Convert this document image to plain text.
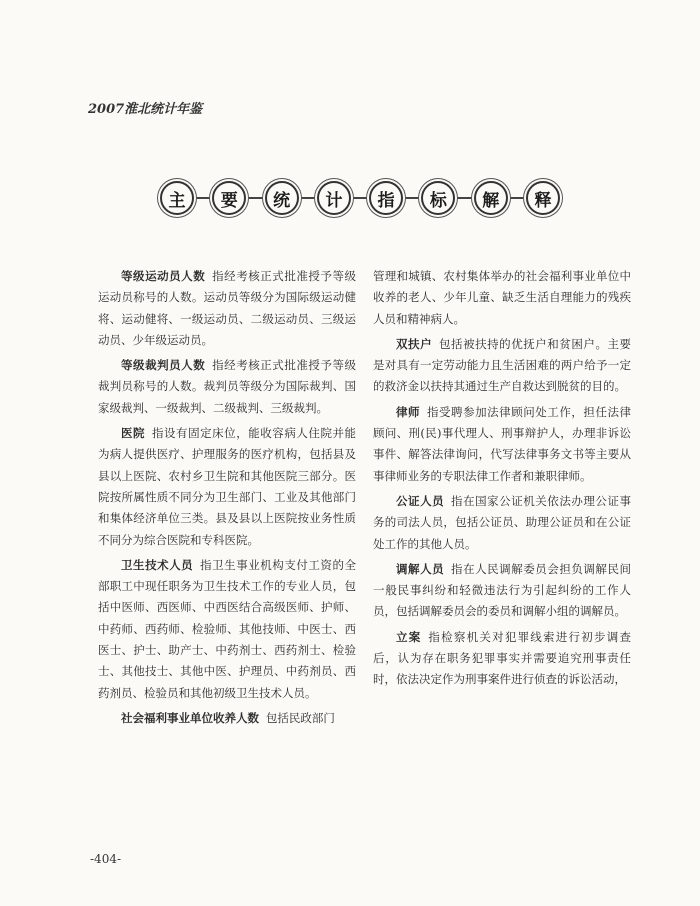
2007淮北统计年鉴
主	要	统	计	指	标	解	释

等级运动员人数 指经考核正式批准授予等级运动员称号的人数。运动员等级分为国际级运动健将、运动健将、一级运动员、二级运动员、三级运动员、少年级运动员。

等级裁判员人数 指经考核正式批准授予等级裁判员称号的人数。裁判员等级分为国际裁判、国家级裁判、一级裁判、二级裁判、三级裁判。

医院 指设有固定床位，能收容病人住院并能为病人提供医疗、护理服务的医疗机构，包括县及县以上医院、农村乡卫生院和其他医院三部分。医院按所属性质不同分为卫生部门、工业及其他部门和集体经济单位三类。县及县以上医院按业务性质不同分为综合医院和专科医院。

卫生技术人员 指卫生事业机构支付工资的全部职工中现任职务为卫生技术工作的专业人员，包括中医师、西医师、中西医结合高级医师、护师、中药师、西药师、检验师、其他技师、中医士、西医士、护士、助产士、中药剂士、西药剂士、检验士、其他技士、其他中医、护理员、中药剂员、西药剂员、检验员和其他初级卫生技术人员。

社会福利事业单位收养人数 包括民政部门

管理和城镇、农村集体举办的社会福利事业单位中收养的老人、少年儿童、缺乏生活自理能力的残疾人员和精神病人。

双扶户 包括被扶持的优抚户和贫困户。主要是对具有一定劳动能力且生活困难的两户给予一定的救济金以扶持其通过生产自救达到脱贫的目的。

律师 指受聘参加法律顾问处工作，担任法律顾问、刑(民)事代理人、刑事辩护人，办理非诉讼事件、解答法律询问，代写法律事务文书等主要从事律师业务的专职法律工作者和兼职律师。

公证人员 指在国家公证机关依法办理公证事务的司法人员，包括公证员、助理公证员和在公证处工作的其他人员。

调解人员 指在人民调解委员会担负调解民间一般民事纠纷和轻微违法行为引起纠纷的工作人员，包括调解委员会的委员和调解小组的调解员。

立案 指检察机关对犯罪线索进行初步调查后，认为存在职务犯罪事实并需要追究刑事责任时，依法决定作为刑事案件进行侦查的诉讼活动，

-404-
